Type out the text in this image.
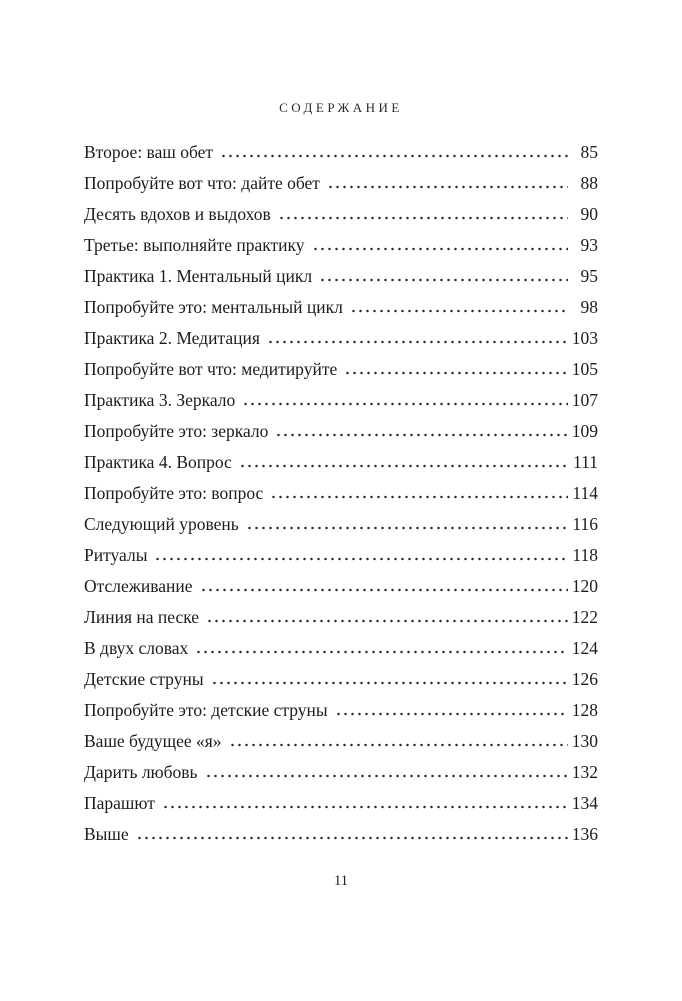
СОДЕРЖАНИЕ
Второе: ваш обет	85
Попробуйте вот что: дайте обет	88
Десять вдохов и выдохов	90
Третье: выполняйте практику	93
Практика 1. Ментальный цикл	95
Попробуйте это: ментальный цикл	98
Практика 2. Медитация	103
Попробуйте вот что: медитируйте	105
Практика 3. Зеркало	107
Попробуйте это: зеркало	109
Практика 4. Вопрос	111
Попробуйте это: вопрос	114
Следующий уровень	116
Ритуалы	118
Отслеживание	120
Линия на песке	122
В двух словах	124
Детские струны	126
Попробуйте это: детские струны	128
Ваше будущее «я»	130
Дарить любовь	132
Парашют	134
Выше	136
11
